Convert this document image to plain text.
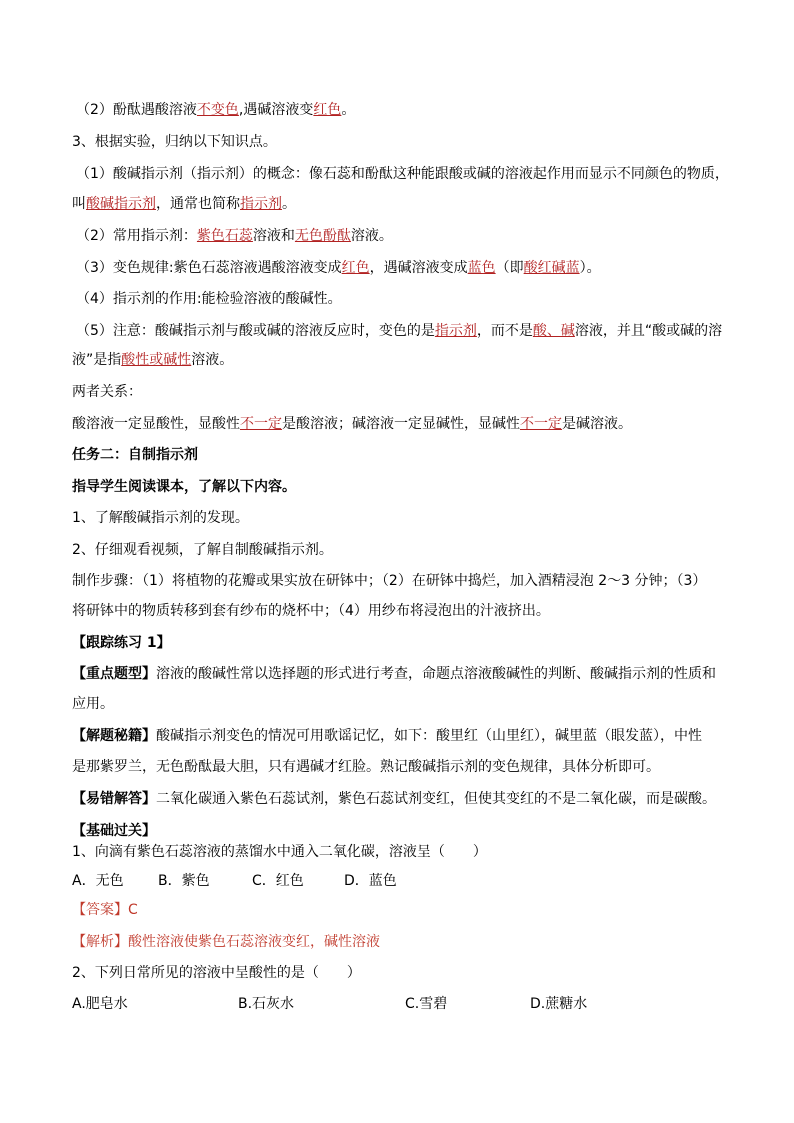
（2）酚酞遇酸溶液不变色,遇碱溶液变红色。
3、根据实验，归纳以下知识点。
（1）酸碱指示剂（指示剂）的概念：像石蕊和酚酞这种能跟酸或碱的溶液起作用而显示不同颜色的物质，
叫酸碱指示剂，通常也简称指示剂。
（2）常用指示剂：紫色石蕊溶液和无色酚酞溶液。
（3）变色规律:紫色石蕊溶液遇酸溶液变成红色，遇碱溶液变成蓝色（即酸红碱蓝）。
（4）指示剂的作用:能检验溶液的酸碱性。
（5）注意：酸碱指示剂与酸或碱的溶液反应时，变色的是指示剂，而不是酸、碱溶液，并且“酸或碱的溶
液”是指酸性或碱性溶液。
两者关系：
酸溶液一定显酸性，显酸性不一定是酸溶液；碱溶液一定显碱性，显碱性不一定是碱溶液。
任务二：自制指示剂
指导学生阅读课本，了解以下内容。
1、了解酸碱指示剂的发现。
2、仔细观看视频，了解自制酸碱指示剂。
制作步骤：（1）将植物的花瓣或果实放在研钵中；（2）在研钵中捣烂，加入酒精浸泡 2～3 分钟；（3）
将研钵中的物质转移到套有纱布的烧杯中；（4）用纱布将浸泡出的汁液挤出。
【跟踪练习 1】
【重点题型】溶液的酸碱性常以选择题的形式进行考查，命题点溶液酸碱性的判断、酸碱指示剂的性质和
应用。
【解题秘籍】酸碱指示剂变色的情况可用歌谣记忆，如下：酸里红（山里红），碱里蓝（眼发蓝），中性
是那紫罗兰，无色酚酞最大胆，只有遇碱才红脸。熟记酸碱指示剂的变色规律，具体分析即可。
【易错解答】二氧化碳通入紫色石蕊试剂，紫色石蕊试剂变红，但使其变红的不是二氧化碳，而是碳酸。
【基础过关】
1、向滴有紫色石蕊溶液的蒸馏水中通入二氧化碳，溶液呈（　　）
A．无色 B．紫色	C．红色	D．蓝色
【答案】C
【解析】酸性溶液使紫色石蕊溶液变红，碱性溶液
2、下列日常所见的溶液中呈酸性的是（　　）
A.肥皂水	B.石灰水	C.雪碧	D.蔗糖水
